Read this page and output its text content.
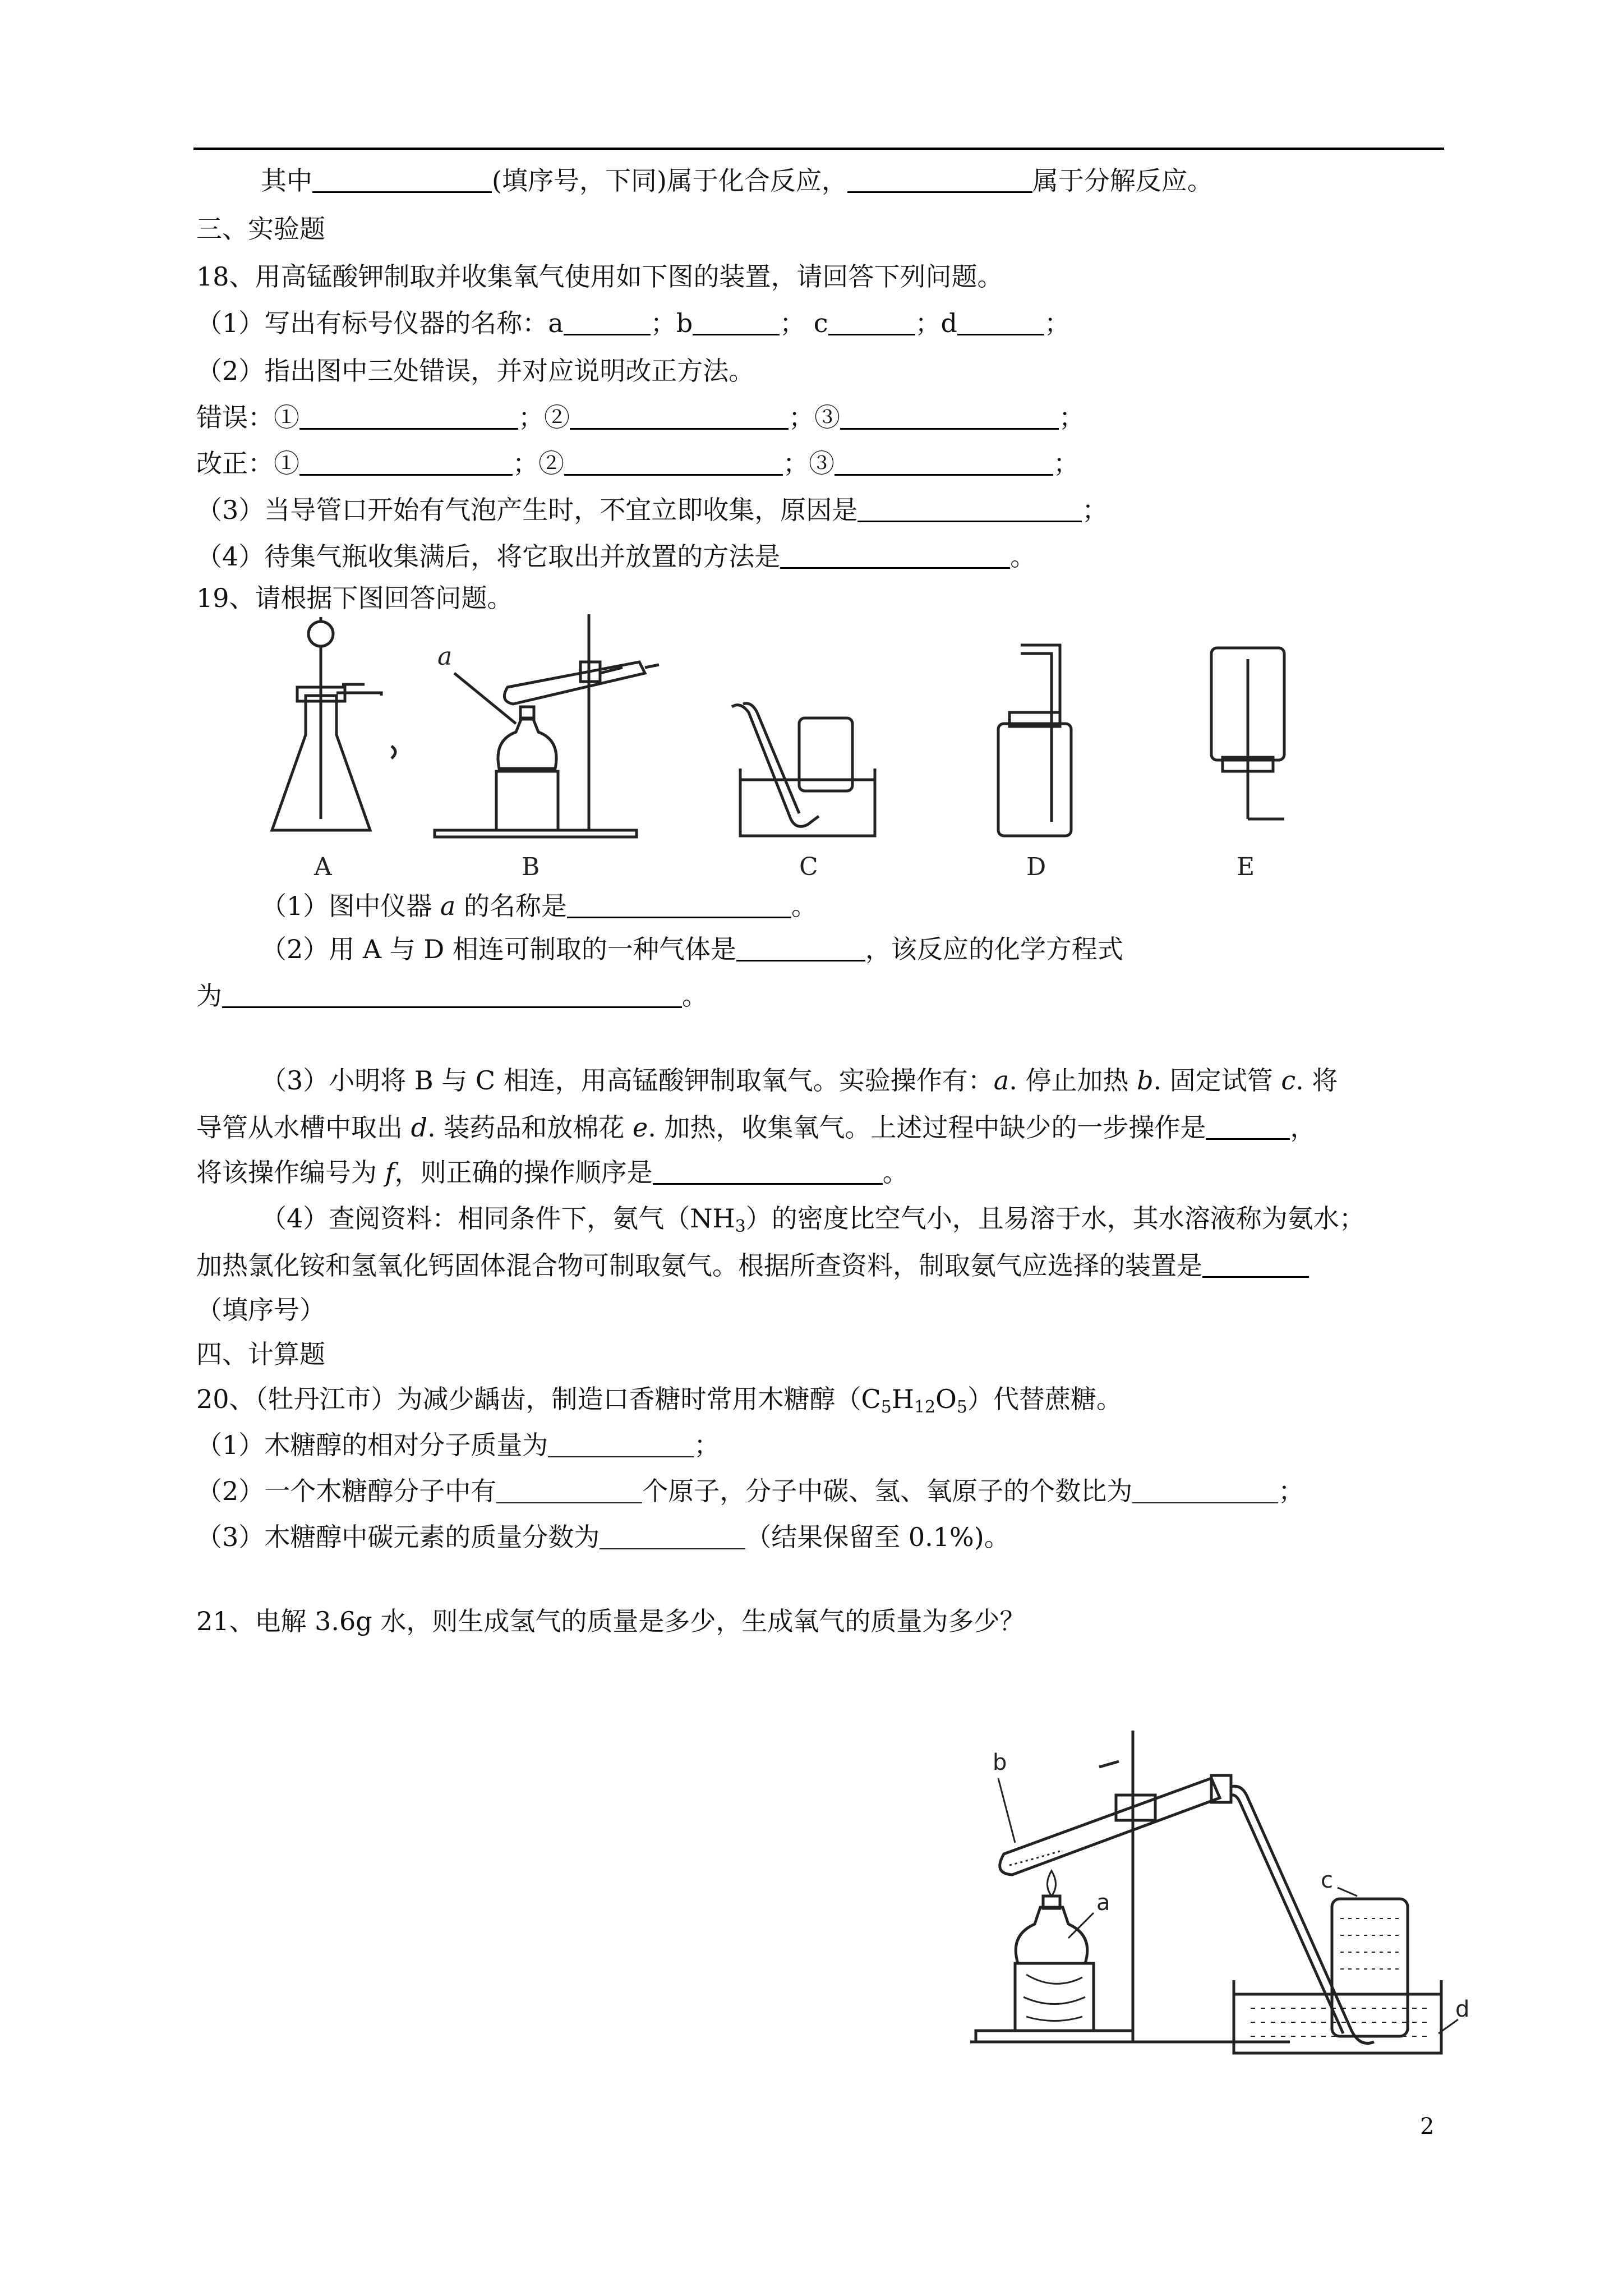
其中	(填序号，下同)属于化合反应，	属于分解反应。
三、实验题
18、用高锰酸钾制取并收集氧气使用如下图的装置，请回答下列问题。
（1）写出有标号仪器的名称：a	；b	； c	；d	；
（2）指出图中三处错误，并对应说明改正方法。
错误：①	；②	；③	；
改正：①	；②	；③	；
（3）当导管口开始有气泡产生时，不宜立即收集，原因是	；
（4）待集气瓶收集满后，将它取出并放置的方法是	。
19、请根据下图回答问题。
A	B	C	D	E
a
（1）图中仪器 a 的名称是	。
（2）用 A 与 D 相连可制取的一种气体是	，该反应的化学方程式
为	。
（3）小明将 B 与 C 相连，用高锰酸钾制取氧气。实验操作有：a. 停止加热 b. 固定试管 c. 将
导管从水槽中取出 d. 装药品和放棉花 e. 加热，收集氧气。上述过程中缺少的一步操作是	，
将该操作编号为 f，则正确的操作顺序是	。
（4）查阅资料：相同条件下，氨气$(NH_3)$的密度比空气小，且易溶于水，其水溶液称为氨水；
加热氯化铵和氢氧化钙固体混合物可制取氨气。根据所查资料，制取氨气应选择的装置是
（填序号）
四、计算题
20、（牡丹江市）为减少龋齿，制造口香糖时常用木糖醇$(C_5H_{12}O_5)$代替蔗糖。
（1）木糖醇的相对分子质量为	；
（2）一个木糖醇分子中有	个原子，分子中碳、氢、氧原子的个数比为	；
（3）木糖醇中碳元素的质量分数为	（结果保留至 0.1%)。
21、电解 3.6g 水，则生成氢气的质量是多少，生成氧气的质量为多少？
b
a
c
d
2
